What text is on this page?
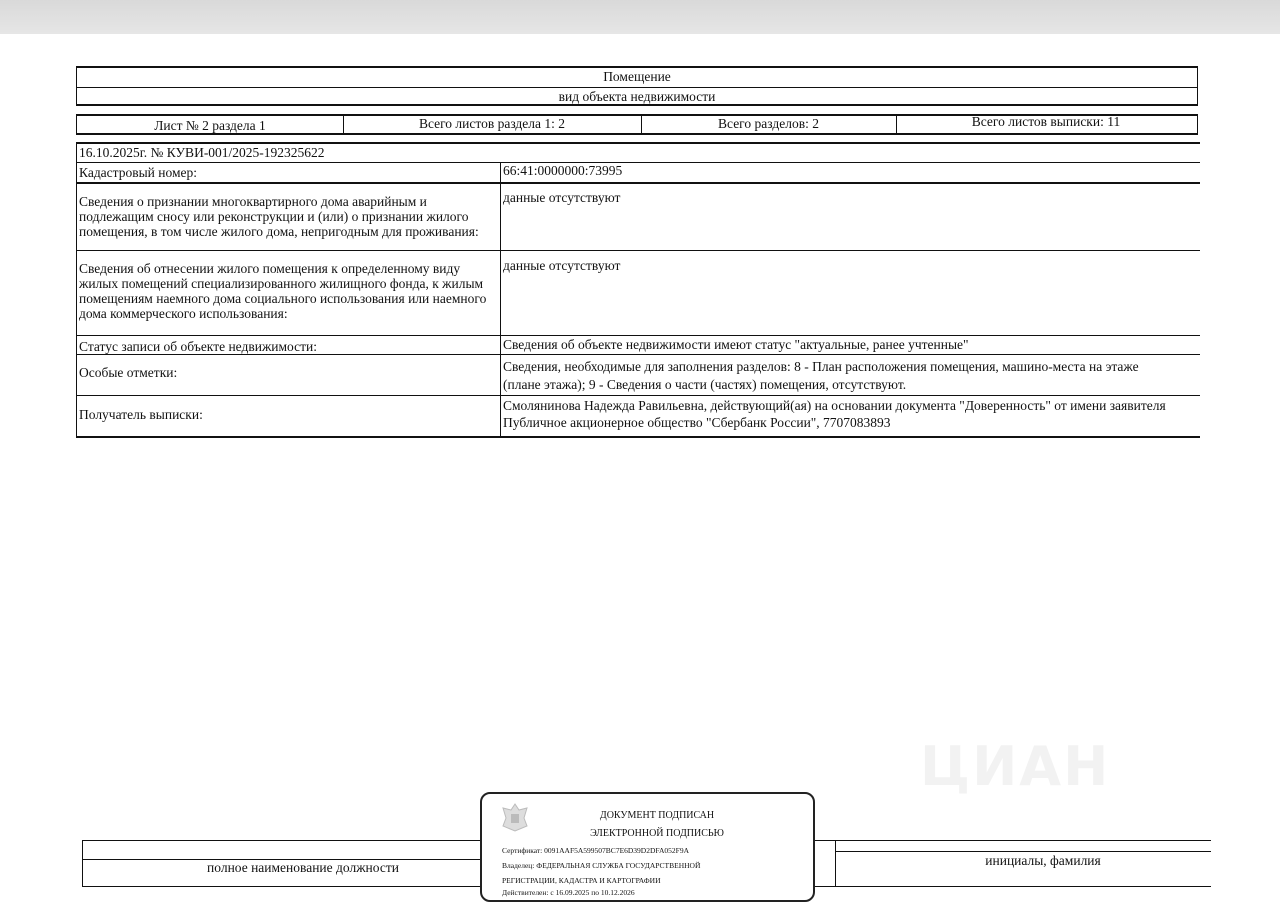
ЦИАН
Помещение
вид объекта недвижимости
Лист № 2 раздела 1	Всего листов раздела 1: 2	Всего разделов: 2	Всего листов выписки: 11
16.10.2025г. № КУВИ-001/2025-192325622
Кадастровый номер:	66:41:0000000:73995
Сведения о признании многоквартирного дома аварийным и подлежащим сносу или реконструкции и (или) о признании жилого помещения, в том числе жилого дома, непригодным для проживания:
данные отсутствуют
Сведения об отнесении жилого помещения к определенному виду жилых помещений специализированного жилищного фонда, к жилым помещениям наемного дома социального использования или наемного дома коммерческого использования:
данные отсутствуют
Статус записи об объекте недвижимости:	Сведения об объекте недвижимости имеют статус "актуальные, ранее учтенные"
Особые отметки:	Сведения, необходимые для заполнения разделов: 8 - План расположения помещения, машино-места на этаже (плане этажа); 9 - Сведения о части (частях) помещения, отсутствуют.
Получатель выписки:
Смолянинова Надежда Равильевна, действующий(ая) на основании документа "Доверенность" от имени заявителя Публичное акционерное общество "Сбербанк России", 7707083893
полное наименование должности	инициалы, фамилия
ДОКУМЕНТ ПОДПИСАН
ЭЛЕКТРОННОЙ ПОДПИСЬЮ
Сертификат: 0091AAF5A599507BC7E6D39D2DFA052F9A
Владелец: ФЕДЕРАЛЬНАЯ СЛУЖБА ГОСУДАРСТВЕННОЙ
РЕГИСТРАЦИИ, КАДАСТРА И КАРТОГРАФИИ
Действителен: с 16.09.2025 по 10.12.2026
